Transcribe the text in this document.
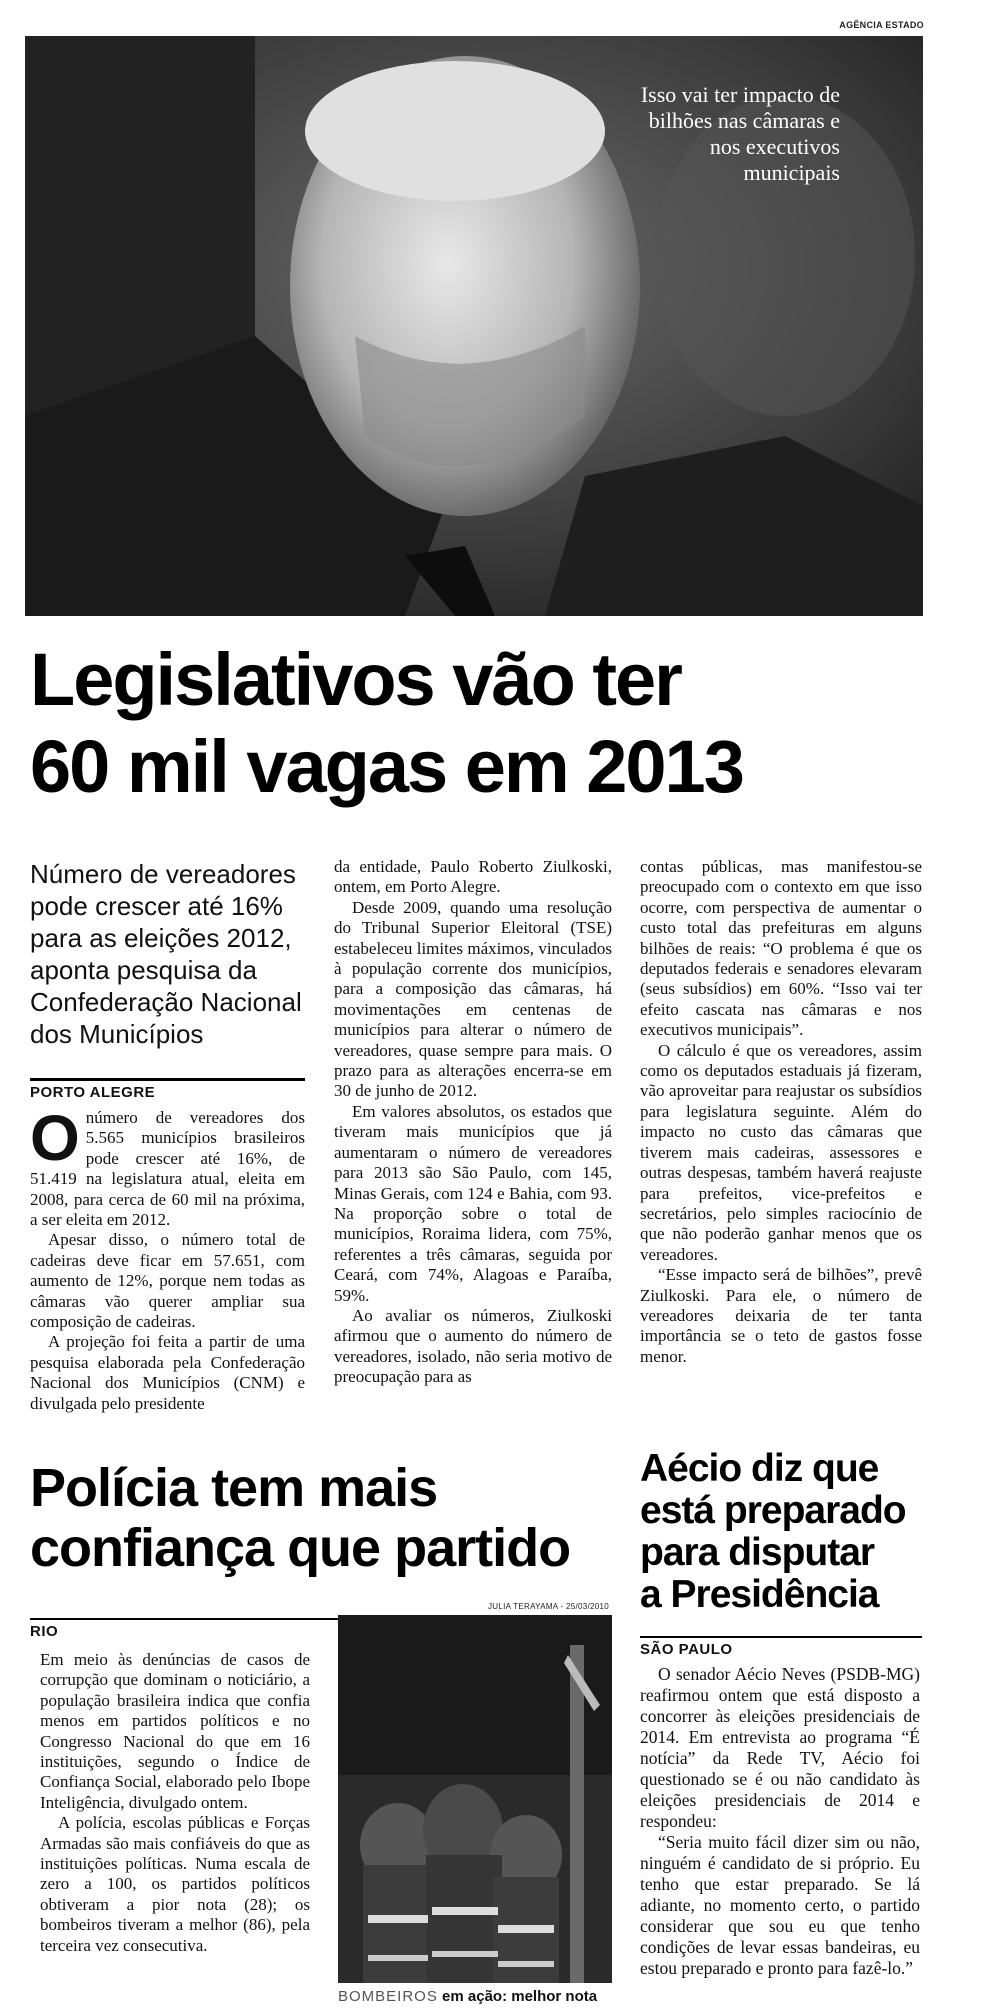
AGÊNCIA ESTADO
Isso vai ter impacto de bilhões nas câmaras e nos executivos municipais
Legislativos vão ter
60 mil vagas em 2013
Número de vereadores pode crescer até 16% para as eleições 2012, aponta pesquisa da Confederação Nacional dos Municípios
PORTO ALEGRE

Onúmero de vereadores dos 5.565 municípios brasileiros pode crescer até 16%, de 51.419 na legislatura atual, eleita em 2008, para cerca de 60 mil na próxima, a ser eleita em 2012.

Apesar disso, o número total de cadeiras deve ficar em 57.651, com aumento de 12%, porque nem todas as câmaras vão querer ampliar sua composição de cadeiras.

A projeção foi feita a partir de uma pesquisa elaborada pela Confederação Nacional dos Municípios (CNM) e divulgada pelo presidente

da entidade, Paulo Roberto Ziulkoski, ontem, em Porto Alegre.

Desde 2009, quando uma resolução do Tribunal Superior Eleitoral (TSE) estabeleceu limites máximos, vinculados à população corrente dos municípios, para a composição das câmaras, há movimentações em centenas de municípios para alterar o número de vereadores, quase sempre para mais. O prazo para as alterações encerra-se em 30 de junho de 2012.

Em valores absolutos, os estados que tiveram mais municípios que já aumentaram o número de vereadores para 2013 são São Paulo, com 145, Minas Gerais, com 124 e Bahia, com 93. Na proporção sobre o total de municípios, Roraima lidera, com 75%, referentes a três câmaras, seguida por Ceará, com 74%, Alagoas e Paraíba, 59%.

Ao avaliar os números, Ziulkoski afirmou que o aumento do número de vereadores, isolado, não seria motivo de preocupação para as

contas públicas, mas manifestou-se preocupado com o contexto em que isso ocorre, com perspectiva de aumentar o custo total das prefeituras em alguns bilhões de reais: “O problema é que os deputados federais e senadores elevaram (seus subsídios) em 60%. “Isso vai ter efeito cascata nas câmaras e nos executivos municipais”.

O cálculo é que os vereadores, assim como os deputados estaduais já fizeram, vão aproveitar para reajustar os subsídios para legislatura seguinte. Além do impacto no custo das câmaras que tiverem mais cadeiras, assessores e outras despesas, também haverá reajuste para prefeitos, vice-prefeitos e secretários, pelo simples raciocínio de que não poderão ganhar menos que os vereadores.

“Esse impacto será de bilhões”, prevê Ziulkoski. Para ele, o número de vereadores deixaria de ter tanta importância se o teto de gastos fosse menor.

Polícia tem mais
confiança que partido
RIO

Em meio às denúncias de casos de corrupção que dominam o noticiário, a população brasileira indica que confia menos em partidos políticos e no Congresso Nacional do que em 16 instituições, segundo o Índice de Confiança Social, elaborado pelo Ibope Inteligência, divulgado ontem.

A polícia, escolas públicas e Forças Armadas são mais confiáveis do que as instituições políticas. Numa escala de zero a 100, os partidos políticos obtiveram a pior nota (28); os bombeiros tiveram a melhor (86), pela terceira vez consecutiva.

JULIA TERAYAMA - 25/03/2010
BOMBEIROS em ação: melhor nota
Aécio diz que
está preparado
para disputar
a Presidência
SÃO PAULO

O senador Aécio Neves (PSDB-MG) reafirmou ontem que está disposto a concorrer às eleições presidenciais de 2014. Em entrevista ao programa “É notícia” da Rede TV, Aécio foi questionado se é ou não candidato às eleições presidenciais de 2014 e respondeu:

“Seria muito fácil dizer sim ou não, ninguém é candidato de si próprio. Eu tenho que estar preparado. Se lá adiante, no momento certo, o partido considerar que sou eu que tenho condições de levar essas bandeiras, eu estou preparado e pronto para fazê-lo.”
